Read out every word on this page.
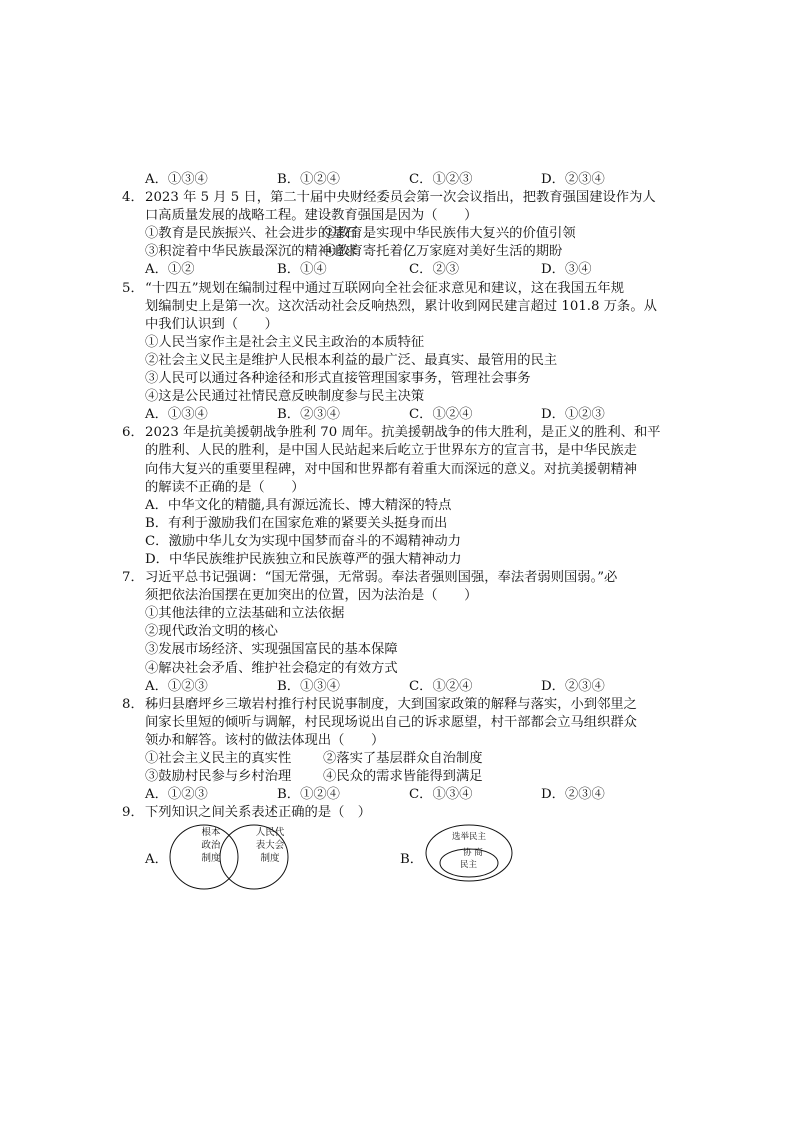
A．①③④	B．①②④	C．①②③	D．②③④
4． 2023 年 5 月 5 日，第二十届中央财经委员会第一次会议指出，把教育强国建设作为人
口高质量发展的战略工程。建设教育强国是因为（　　）
①教育是民族振兴、社会进步的基石
②教育是实现中华民族伟大复兴的价值引领
③积淀着中华民族最深沉的精神追求
④教育寄托着亿万家庭对美好生活的期盼
A．①②	B．①④	C．②③	D．③④
5． “十四五”规划在编制过程中通过互联网向全社会征求意见和建议，这在我国五年规
划编制史上是第一次。这次活动社会反响热烈，累计收到网民建言超过 101.8 万条。从
中我们认识到（　　）
①人民当家作主是社会主义民主政治的本质特征
②社会主义民主是维护人民根本利益的最广泛、最真实、最管用的民主
③人民可以通过各种途径和形式直接管理国家事务，管理社会事务
④这是公民通过社情民意反映制度参与民主决策
A．①③④	B．②③④	C．①②④	D．①②③
6． 2023 年是抗美援朝战争胜利 70 周年。抗美援朝战争的伟大胜利，是正义的胜利、和平
的胜利、人民的胜利，是中国人民站起来后屹立于世界东方的宣言书，是中华民族走
向伟大复兴的重要里程碑，对中国和世界都有着重大而深远的意义。对抗美援朝精神
的解读不正确的是（　　）
A．中华文化的精髓,具有源远流长、博大精深的特点
B．有利于激励我们在国家危难的紧要关头挺身而出
C．激励中华儿女为实现中国梦而奋斗的不竭精神动力
D．中华民族维护民族独立和民族尊严的强大精神动力
7． 习近平总书记强调：“国无常强，无常弱。奉法者强则国强，奉法者弱则国弱。”必
须把依法治国摆在更加突出的位置，因为法治是（　　）
①其他法律的立法基础和立法依据
②现代政治文明的核心
③发展市场经济、实现强国富民的基本保障
④解决社会矛盾、维护社会稳定的有效方式
A．①②③	B．①③④	C．①②④	D．②③④
8． 秭归县磨坪乡三墩岩村推行村民说事制度，大到国家政策的解释与落实，小到邻里之
间家长里短的倾听与调解，村民现场说出自己的诉求愿望，村干部都会立马组织群众
领办和解答。该村的做法体现出（　　）
①社会主义民主的真实性	②落实了基层群众自治制度
③鼓励村民参与乡村治理	④民众的需求皆能得到满足
A．①②③	B．①②④	C．①③④	D．②③④
9． 下列知识之间关系表述正确的是（　）
A．
根本
政治
制度
人民代
表大会
制度	B．
选举民主
协 商
民主
